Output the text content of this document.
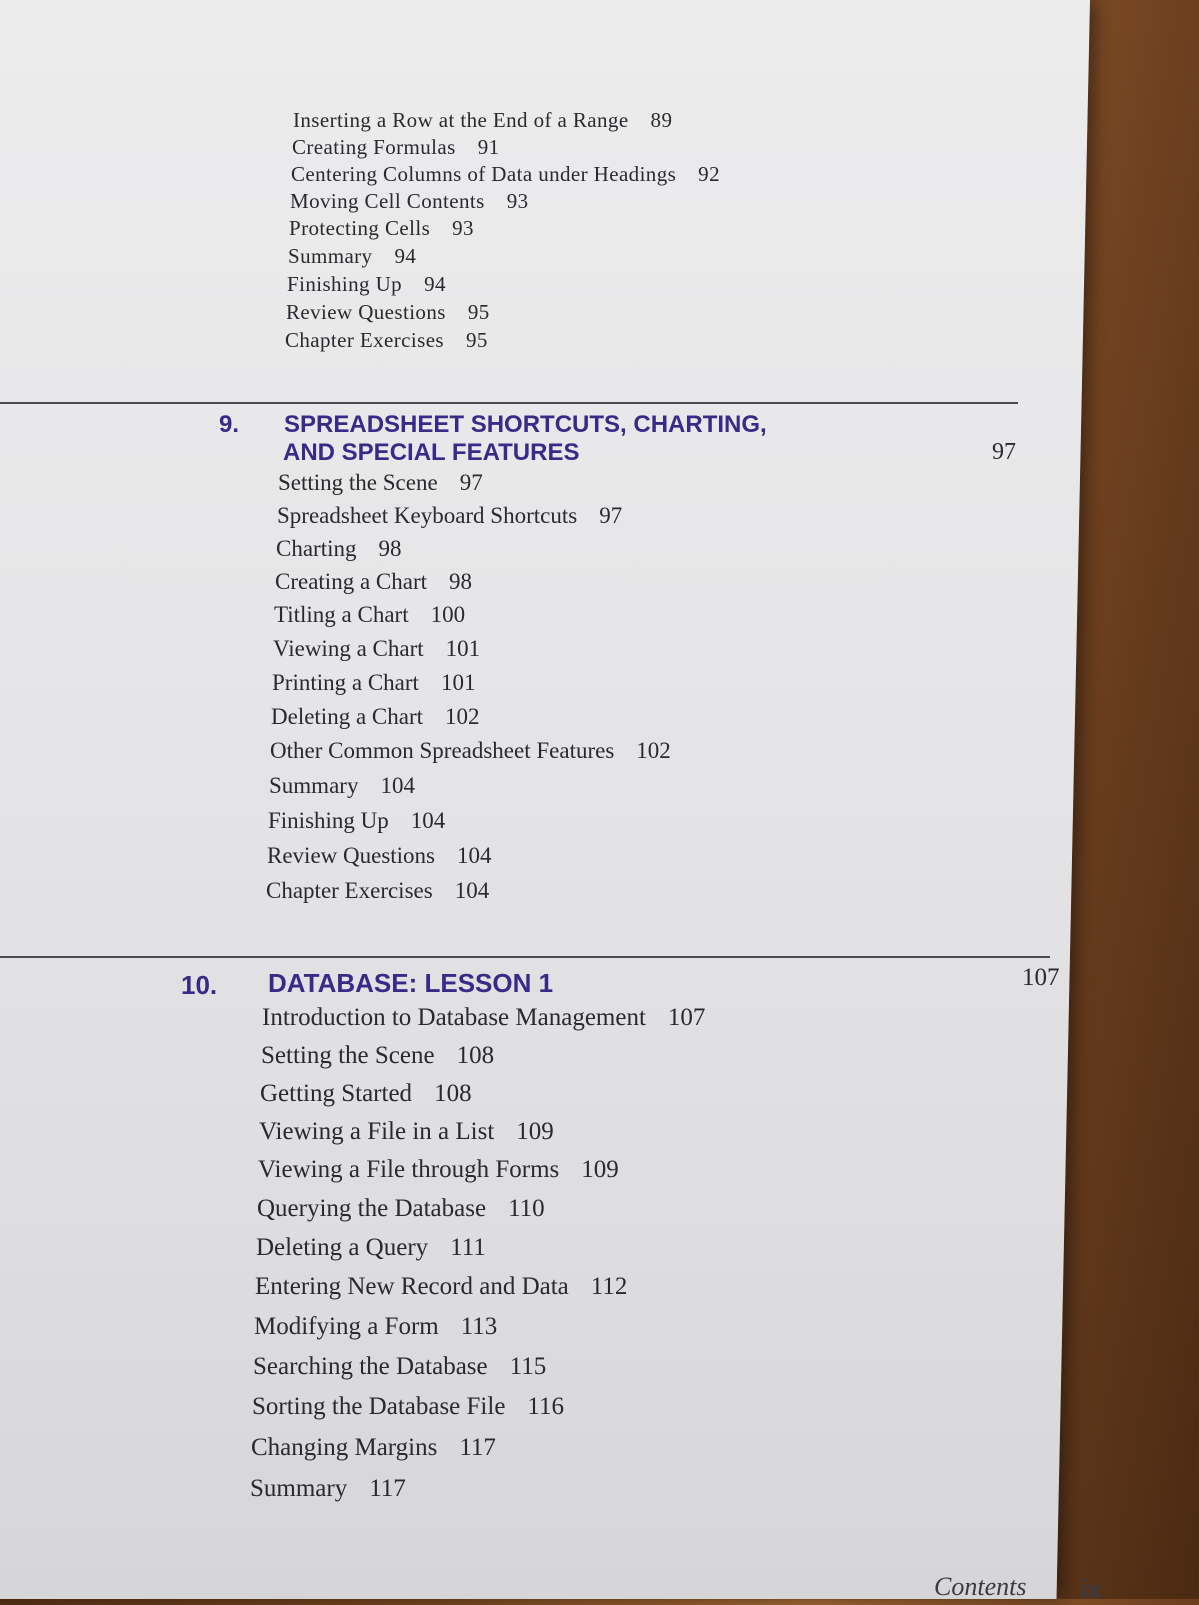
Inserting a Row at the End of a Range 89
Creating Formulas 91
Centering Columns of Data under Headings 92
Moving Cell Contents 93
Protecting Cells 93
Summary 94
Finishing Up 94
Review Questions 95
Chapter Exercises 95
9. SPREADSHEET SHORTCUTS, CHARTING,
AND SPECIAL FEATURES	97
Setting the Scene 97
Spreadsheet Keyboard Shortcuts 97
Charting 98
Creating a Chart 98
Titling a Chart 100
Viewing a Chart 101
Printing a Chart 101
Deleting a Chart 102
Other Common Spreadsheet Features 102
Summary 104
Finishing Up 104
Review Questions 104
Chapter Exercises 104
10. DATABASE: LESSON 1	107
Introduction to Database Management 107
Setting the Scene 108
Getting Started 108
Viewing a File in a List 109
Viewing a File through Forms 109
Querying the Database 110
Deleting a Query 111
Entering New Record and Data 112
Modifying a Form 113
Searching the Database 115
Sorting the Database File 116
Changing Margins 117
Summary 117
Contents ix
